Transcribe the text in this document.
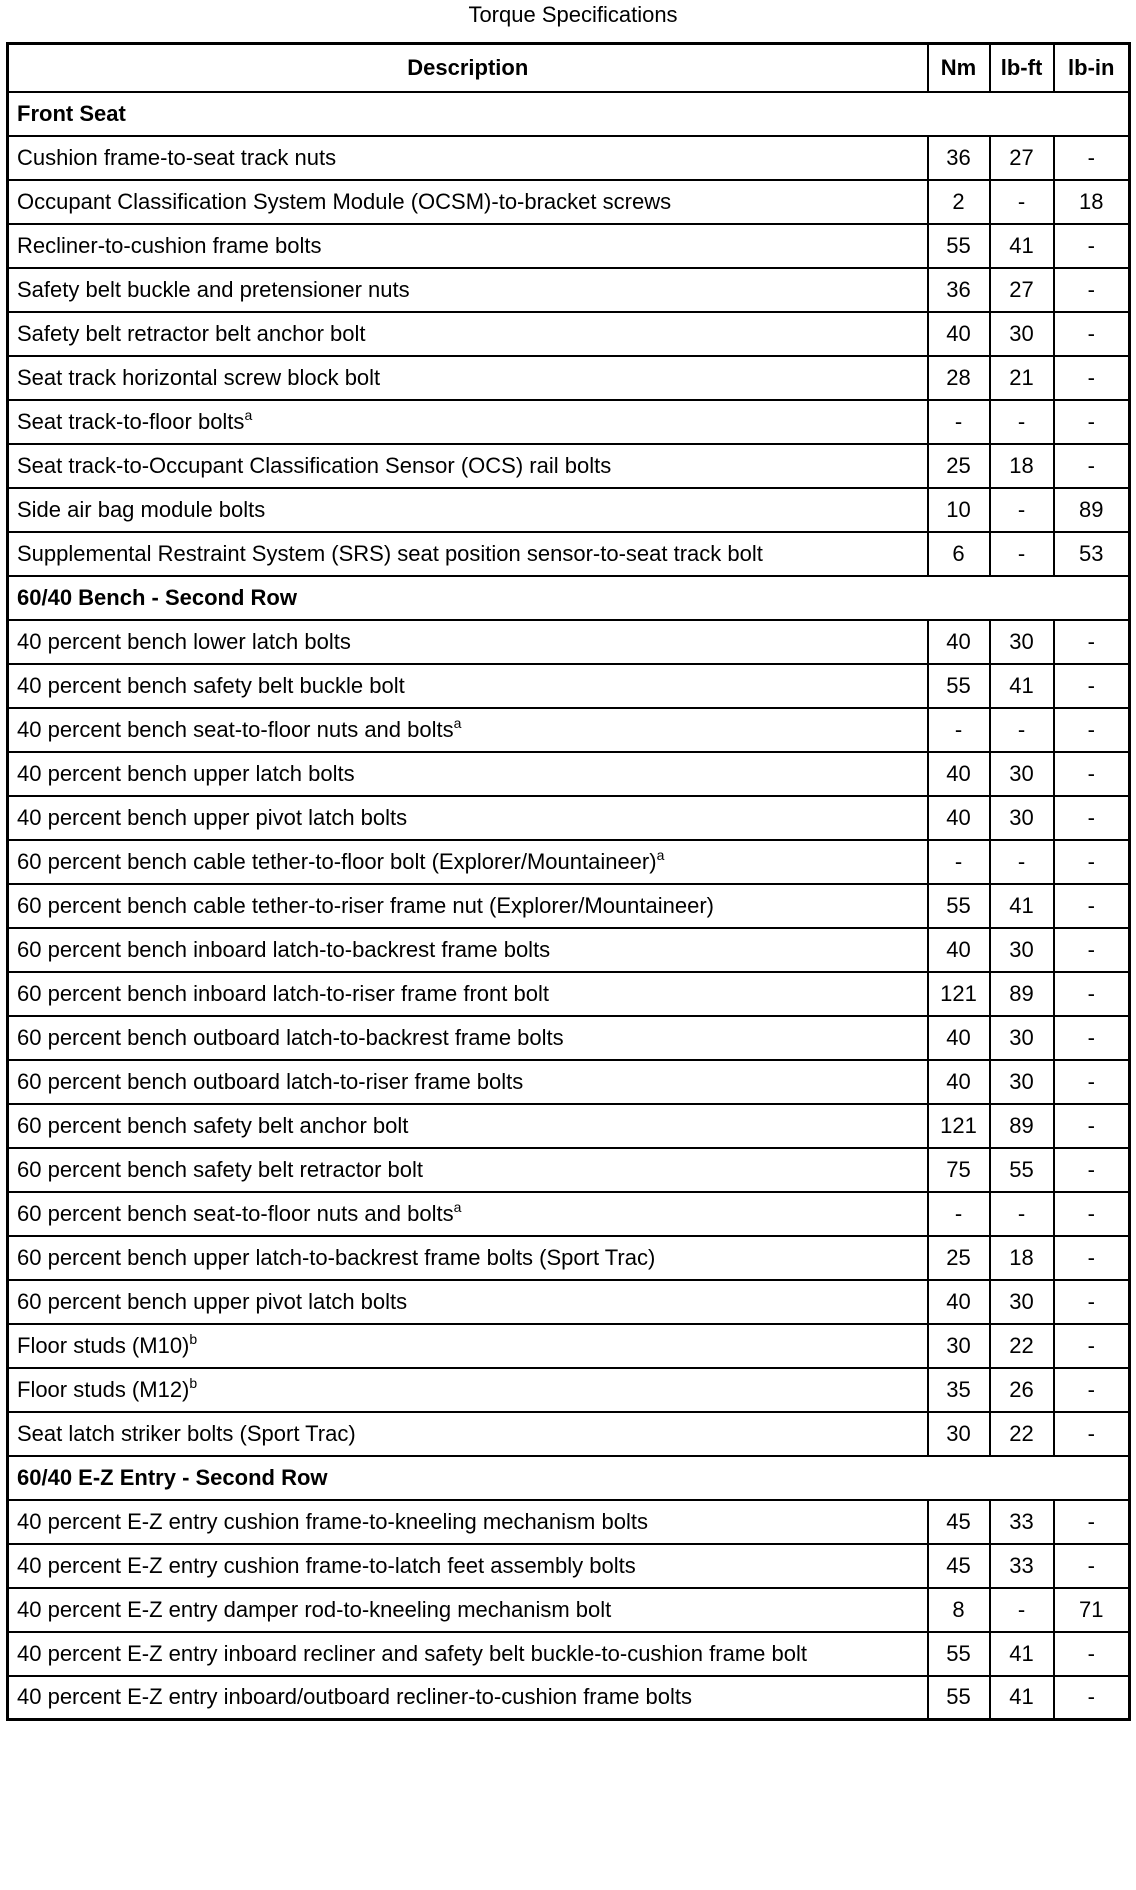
Torque Specifications
Description	Nm	lb-ft	lb-in
Front Seat			
Cushion frame-to-seat track nuts	36	27	-
Occupant Classification System Module (OCSM)-to-bracket screws	2	-	18
Recliner-to-cushion frame bolts	55	41	-
Safety belt buckle and pretensioner nuts	36	27	-
Safety belt retractor belt anchor bolt	40	30	-
Seat track horizontal screw block bolt	28	21	-
Seat track-to-floor bolts$^a$	-	-	-
Seat track-to-Occupant Classification Sensor (OCS) rail bolts	25	18	-
Side air bag module bolts	10	-	89
Supplemental Restraint System (SRS) seat position sensor-to-seat track bolt	6	-	53
60/40 Bench - Second Row			
40 percent bench lower latch bolts	40	30	-
40 percent bench safety belt buckle bolt	55	41	-
40 percent bench seat-to-floor nuts and bolts$^a$	-	-	-
40 percent bench upper latch bolts	40	30	-
40 percent bench upper pivot latch bolts	40	30	-
60 percent bench cable tether-to-floor bolt (Explorer/Mountaineer)$^a$	-	-	-
60 percent bench cable tether-to-riser frame nut (Explorer/Mountaineer)	55	41	-
60 percent bench inboard latch-to-backrest frame bolts	40	30	-
60 percent bench inboard latch-to-riser frame front bolt	121	89	-
60 percent bench outboard latch-to-backrest frame bolts	40	30	-
60 percent bench outboard latch-to-riser frame bolts	40	30	-
60 percent bench safety belt anchor bolt	121	89	-
60 percent bench safety belt retractor bolt	75	55	-
60 percent bench seat-to-floor nuts and bolts$^a$	-	-	-
60 percent bench upper latch-to-backrest frame bolts (Sport Trac)	25	18	-
60 percent bench upper pivot latch bolts	40	30	-
Floor studs $(M10)^b$	30	22	-
Floor studs $(M12)^b$	35	26	-
Seat latch striker bolts (Sport Trac)	30	22	-
60/40 E-Z Entry - Second Row			
40 percent E-Z entry cushion frame-to-kneeling mechanism bolts	45	33	-
40 percent E-Z entry cushion frame-to-latch feet assembly bolts	45	33	-
40 percent E-Z entry damper rod-to-kneeling mechanism bolt	8	-	71
40 percent E-Z entry inboard recliner and safety belt buckle-to-cushion frame bolt	55	41	-
40 percent E-Z entry inboard/outboard recliner-to-cushion frame bolts	55	41	-
